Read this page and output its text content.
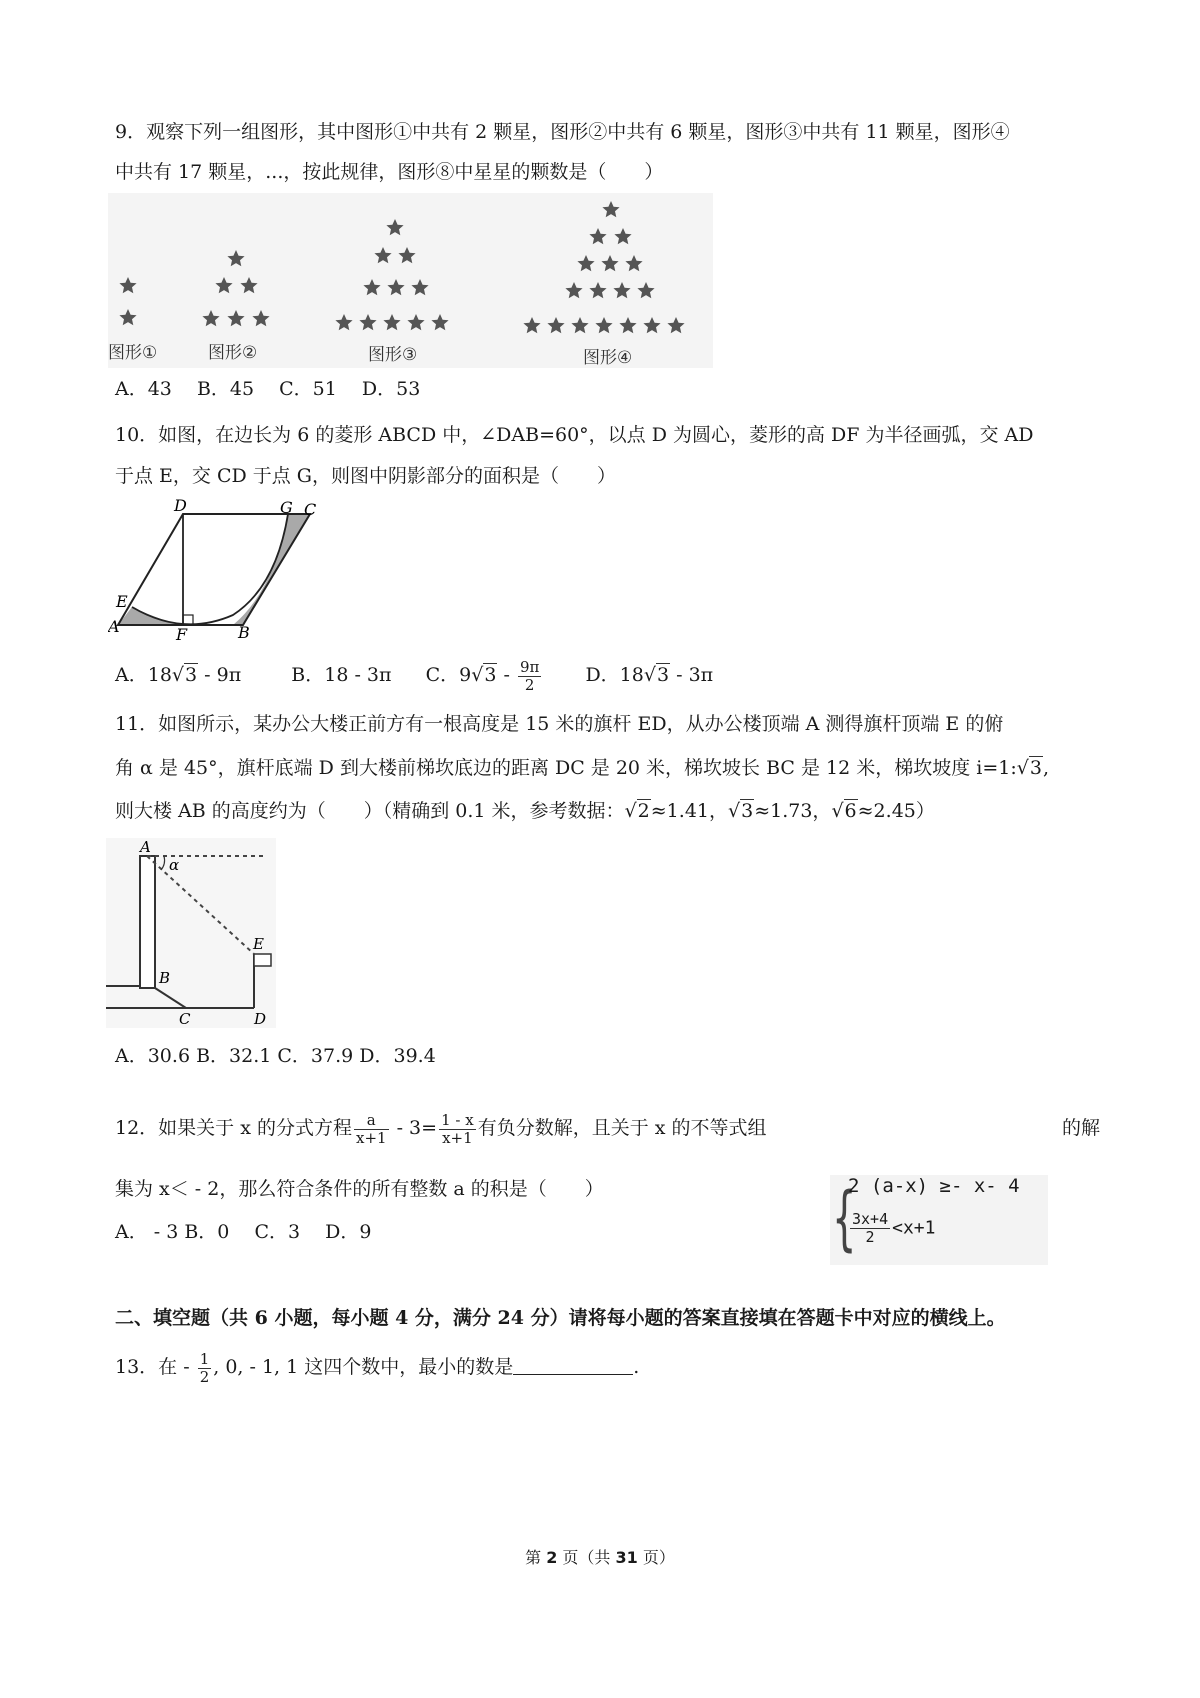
9．观察下列一组图形，其中图形①中共有 2 颗星，图形②中共有 6 颗星，图形③中共有 11 颗星，图形④
中共有 17 颗星，...，按此规律，图形⑧中星星的颗数是（　　）
图形①	图形②	图形③	图形④
A．43　 B．45　 C．51　 D．53
10．如图，在边长为 6 的菱形 ABCD 中，∠DAB=60°，以点 D 为圆心，菱形的高 DF 为半径画弧，交 AD
于点 E，交 CD 于点 G，则图中阴影部分的面积是（　　）
D	G C
E
A	F	B
A．18√3 - 9π	B．18 - 3π C．$9√3 - \frac{9\pi}{2}$ D．18√3 - 3π
11．如图所示，某办公大楼正前方有一根高度是 15 米的旗杆 ED，从办公楼顶端 A 测得旗杆顶端 E 的俯
角 α 是 45°，旗杆底端 D 到大楼前梯坎底边的距离 DC 是 20 米，梯坎坡长 BC 是 12 米，梯坎坡度 i=1:√3,
则大楼 AB 的高度约为（　　）（精确到 0.1 米，参考数据：√2≈1.41，√3≈1.73，√6≈2.45）
A
α
E
B
C	D
A．30.6 B．32.1 C．37.9 D．39.4
12．如果关于 x 的分式方程 $\frac{a}{x+1} - 3= \frac{1 - x}{x+1}$ 有负分数解，且关于 x 的不等式组
{
2 (a-x) ≥- x- 4
$\frac{3x+4}{2} <x+1$
的解
集为 x＜ - 2，那么符合条件的所有整数 a 的积是（　　）
A． - 3 B．0　 C．3　 D．9
二、填空题（共 6 小题，每小题 4 分，满分 24 分）请将每小题的答案直接填在答题卡中对应的横线上。
13．在 - $\frac{1}{2}$ , 0, - 1, 1 这四个数中，最小的数是	.
第 2 页（共 31 页）
